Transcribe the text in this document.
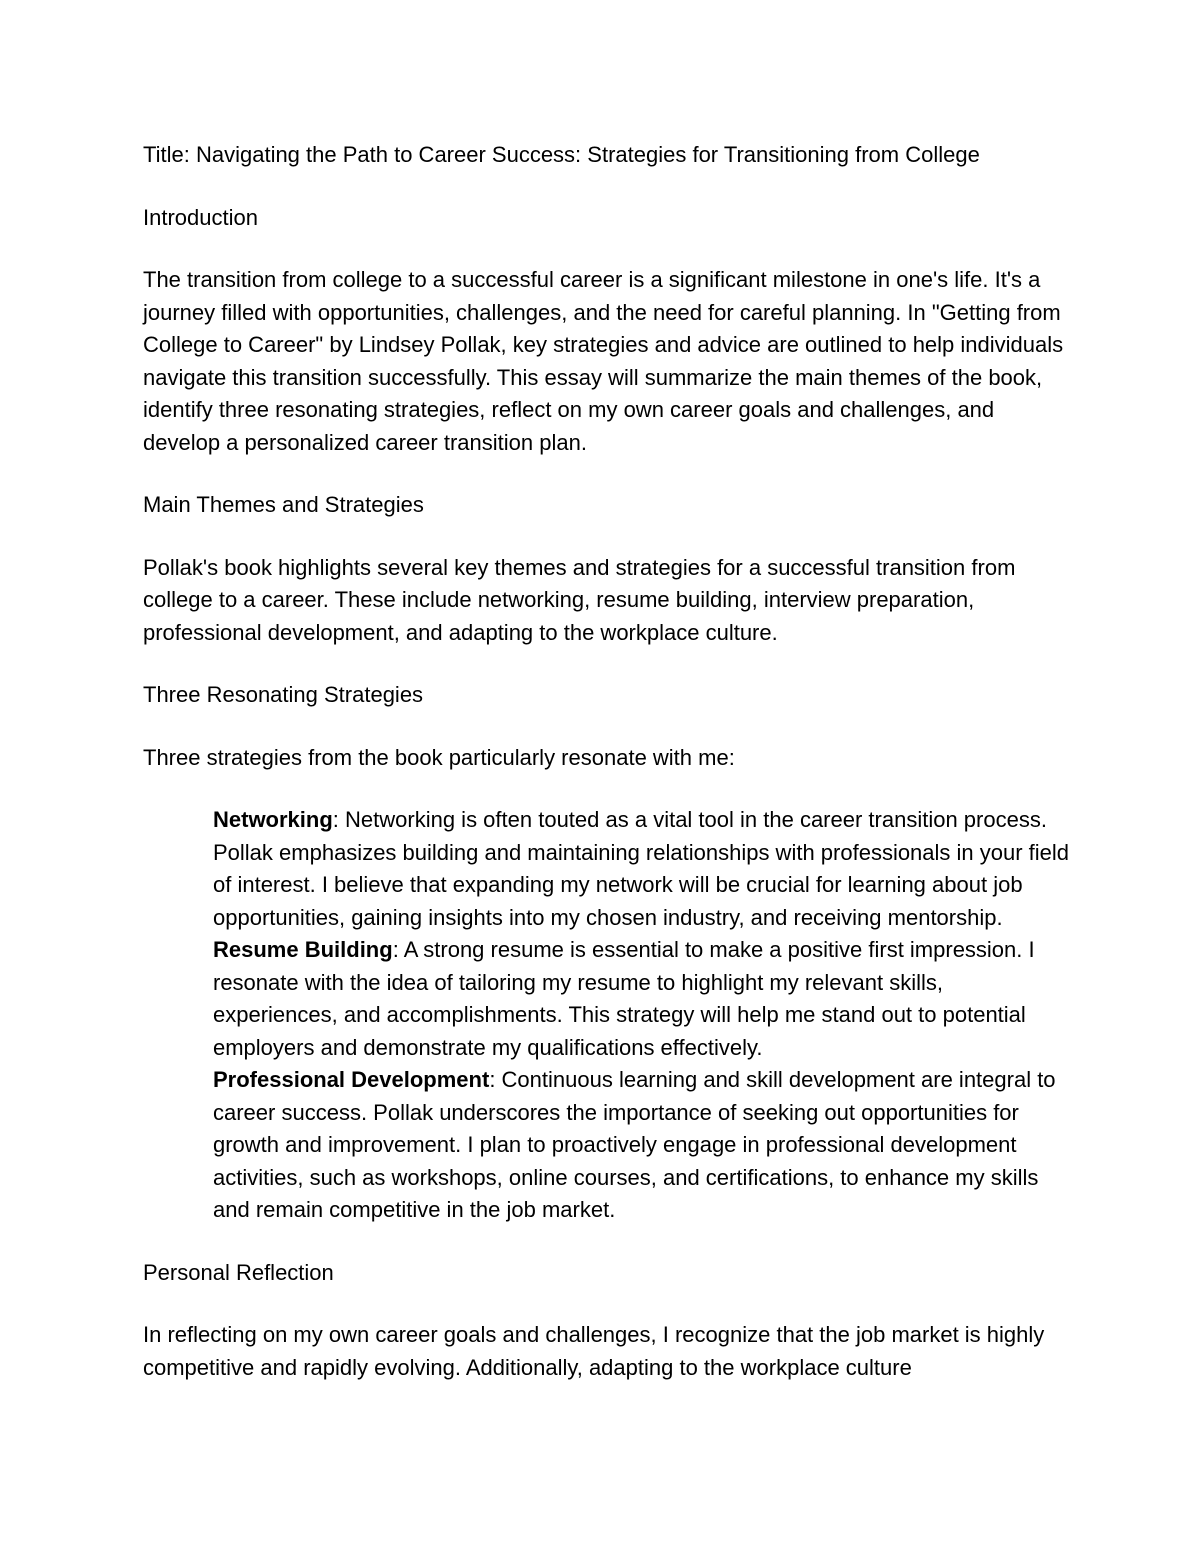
Title: Navigating the Path to Career Success: Strategies for Transitioning from College

Introduction

The transition from college to a successful career is a significant milestone in one's life. It's a journey filled with opportunities, challenges, and the need for careful planning. In "Getting from College to Career" by Lindsey Pollak, key strategies and advice are outlined to help individuals navigate this transition successfully. This essay will summarize the main themes of the book, identify three resonating strategies, reflect on my own career goals and challenges, and develop a personalized career transition plan.

Main Themes and Strategies

Pollak's book highlights several key themes and strategies for a successful transition from college to a career. These include networking, resume building, interview preparation, professional development, and adapting to the workplace culture.

Three Resonating Strategies

Three strategies from the book particularly resonate with me:

Networking: Networking is often touted as a vital tool in the career transition process. Pollak emphasizes building and maintaining relationships with professionals in your field of interest. I believe that expanding my network will be crucial for learning about job opportunities, gaining insights into my chosen industry, and receiving mentorship.
Resume Building: A strong resume is essential to make a positive first impression. I resonate with the idea of tailoring my resume to highlight my relevant skills, experiences, and accomplishments. This strategy will help me stand out to potential employers and demonstrate my qualifications effectively.
Professional Development: Continuous learning and skill development are integral to career success. Pollak underscores the importance of seeking out opportunities for growth and improvement. I plan to proactively engage in professional development activities, such as workshops, online courses, and certifications, to enhance my skills and remain competitive in the job market.

Personal Reflection

In reflecting on my own career goals and challenges, I recognize that the job market is highly competitive and rapidly evolving. Additionally, adapting to the workplace culture
